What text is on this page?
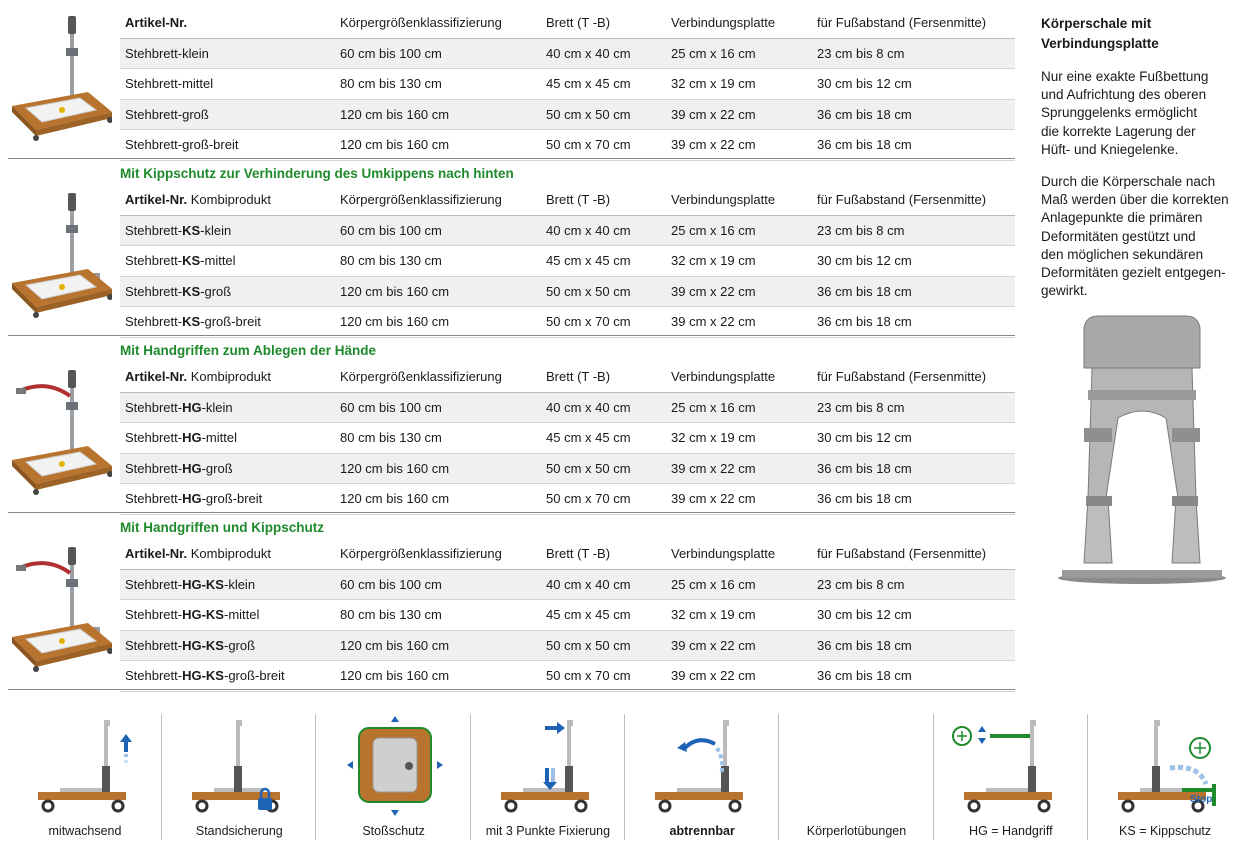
Artikel-Nr.	Körpergrößenklassifizierung	Brett (T -B)	Verbindungsplatte	für Fußabstand (Fersenmitte)
Stehbrett-klein	60 cm bis 100 cm	40 cm x 40 cm	25 cm x 16 cm	23 cm bis 8 cm
Stehbrett-mittel	80 cm bis 130 cm	45 cm x 45 cm	32 cm x 19 cm	30 cm bis 12 cm
Stehbrett-groß	120 cm bis 160 cm	50 cm x 50 cm	39 cm x 22 cm	36 cm bis 18 cm
Stehbrett-groß-breit	120 cm bis 160 cm	50 cm x 70 cm	39 cm x 22 cm	36 cm bis 18 cm
Mit Kippschutz zur Verhinderung des Umkippens nach hinten
Artikel-Nr. Kombiprodukt	Körpergrößenklassifizierung	Brett (T -B)	Verbindungsplatte	für Fußabstand (Fersenmitte)
Stehbrett-KS-klein	60 cm bis 100 cm	40 cm x 40 cm	25 cm x 16 cm	23 cm bis 8 cm
Stehbrett-KS-mittel	80 cm bis 130 cm	45 cm x 45 cm	32 cm x 19 cm	30 cm bis 12 cm
Stehbrett-KS-groß	120 cm bis 160 cm	50 cm x 50 cm	39 cm x 22 cm	36 cm bis 18 cm
Stehbrett-KS-groß-breit	120 cm bis 160 cm	50 cm x 70 cm	39 cm x 22 cm	36 cm bis 18 cm
Mit Handgriffen zum Ablegen der Hände
Artikel-Nr. Kombiprodukt	Körpergrößenklassifizierung	Brett (T -B)	Verbindungsplatte	für Fußabstand (Fersenmitte)
Stehbrett-HG-klein	60 cm bis 100 cm	40 cm x 40 cm	25 cm x 16 cm	23 cm bis 8 cm
Stehbrett-HG-mittel	80 cm bis 130 cm	45 cm x 45 cm	32 cm x 19 cm	30 cm bis 12 cm
Stehbrett-HG-groß	120 cm bis 160 cm	50 cm x 50 cm	39 cm x 22 cm	36 cm bis 18 cm
Stehbrett-HG-groß-breit	120 cm bis 160 cm	50 cm x 70 cm	39 cm x 22 cm	36 cm bis 18 cm
Mit Handgriffen und Kippschutz
Artikel-Nr. Kombiprodukt	Körpergrößenklassifizierung	Brett (T -B)	Verbindungsplatte	für Fußabstand (Fersenmitte)
Stehbrett-HG-KS-klein	60 cm bis 100 cm	40 cm x 40 cm	25 cm x 16 cm	23 cm bis 8 cm
Stehbrett-HG-KS-mittel	80 cm bis 130 cm	45 cm x 45 cm	32 cm x 19 cm	30 cm bis 12 cm
Stehbrett-HG-KS-groß	120 cm bis 160 cm	50 cm x 50 cm	39 cm x 22 cm	36 cm bis 18 cm
Stehbrett-HG-KS-groß-breit	120 cm bis 160 cm	50 cm x 70 cm	39 cm x 22 cm	36 cm bis 18 cm
Körperschale mit
Verbindungsplatte
Nur eine exakte Fußbettung
und Aufrichtung des oberen
Sprunggelenks ermöglicht
die korrekte Lagerung der
Hüft- und Kniegelenke.
Durch die Körperschale nach
Maß werden über die korrekten
Anlagepunkte die primären
Deformitäten gestützt und
den möglichen sekundären
Deformitäten gezielt entgegen-
gewirkt.
mitwachsend	Standsicherung	Stoßschutz	mit 3 Punkte Fixierung	abtrennbar	Körperlotübungen	HG = Handgriff
Stop
KS = Kippschutz
